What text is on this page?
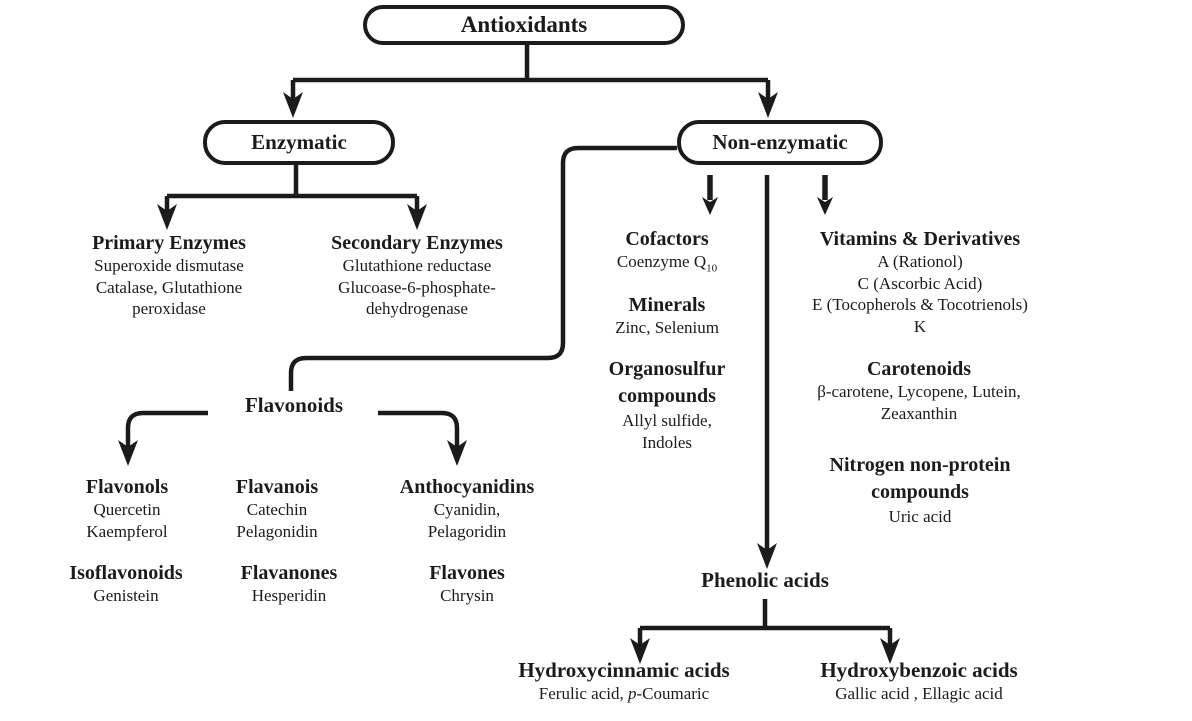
Antioxidants
Enzymatic	Non-enzymatic
Primary Enzymes
Superoxide dismutase
Catalase, Glutathione
peroxidase
Secondary Enzymes
Glutathione reductase
Glucoase-6-phosphate-
dehydrogenase
Cofactors
Coenzyme $Q_{10}$
Minerals
Zinc, Selenium
Organosulfur
compounds
Allyl sulfide,
Indoles
Vitamins & Derivatives
A (Rationol)
C (Ascorbic Acid)
E (Tocopherols & Tocotrienols)
K
Carotenoids
β-carotene, Lycopene, Lutein,
Zeaxanthin
Nitrogen non-protein
compounds
Uric acid
Flavonoids
Flavonols
Quercetin
Kaempferol
Flavanois
Catechin
Pelagonidin
Anthocyanidins
Cyanidin,
Pelagoridin
Isoflavonoids
Genistein
Flavanones
Hesperidin
Flavones
Chrysin
Phenolic acids
Hydroxycinnamic acids
Ferulic acid, p-Coumaric
Hydroxybenzoic acids
Gallic acid , Ellagic acid
